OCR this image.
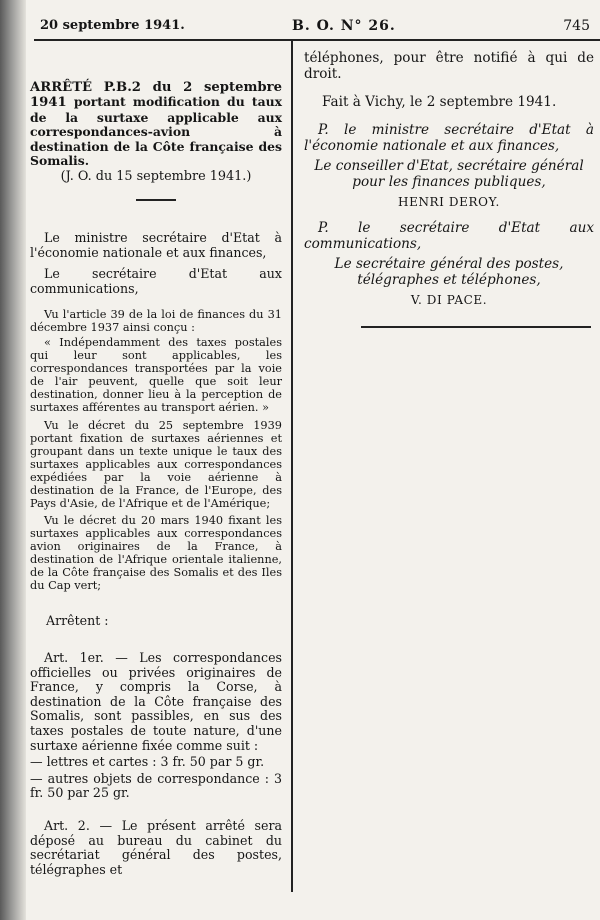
20 septembre 1941.	B. O. N° 26.	745

ARRÊTÉ P.B.2 du 2 septembre 1941 portant modification du taux de la surtaxe applicable aux correspondances-avion à destination de la Côte française des Somalis.

(J. O. du 15 septembre 1941.)

Le ministre secrétaire d'Etat à l'économie nationale et aux finances,

Le secrétaire d'Etat aux communications,

Vu l'article 39 de la loi de finances du 31 décembre 1937 ainsi conçu :

« Indépendamment des taxes postales qui leur sont applicables, les correspondances transportées par la voie de l'air peuvent, quelle que soit leur destination, donner lieu à la perception de surtaxes afférentes au transport aérien. »

Vu le décret du 25 septembre 1939 portant fixation de surtaxes aériennes et groupant dans un texte unique le taux des surtaxes applicables aux correspondances expédiées par la voie aérienne à destination de la France, de l'Europe, des Pays d'Asie, de l'Afrique et de l'Amérique;

Vu le décret du 20 mars 1940 fixant les surtaxes applicables aux correspondances avion originaires de la France, à destination de l'Afrique orientale italienne, de la Côte française des Somalis et des Iles du Cap vert;

Arrêtent :

Art. 1er. — Les correspondances officielles ou privées originaires de France, y compris la Corse, à destination de la Côte française des Somalis, sont passibles, en sus des taxes postales de toute nature, d'une surtaxe aérienne fixée comme suit :

— lettres et cartes : 3 fr. 50 par 5 gr.

— autres objets de correspondance : 3 fr. 50 par 25 gr.

Art. 2. — Le présent arrêté sera déposé au bureau du cabinet du secrétariat général des postes, télégraphes et

téléphones, pour être notifié à qui de droit.

Fait à Vichy, le 2 septembre 1941.

P. le ministre secrétaire d'Etat à l'économie nationale et aux finances,

Le conseiller d'Etat, secrétaire général pour les finances publiques,

HENRI DEROY.

P. le secrétaire d'Etat aux communications,

Le secrétaire général des postes, télégraphes et téléphones,

V. DI PACE.
